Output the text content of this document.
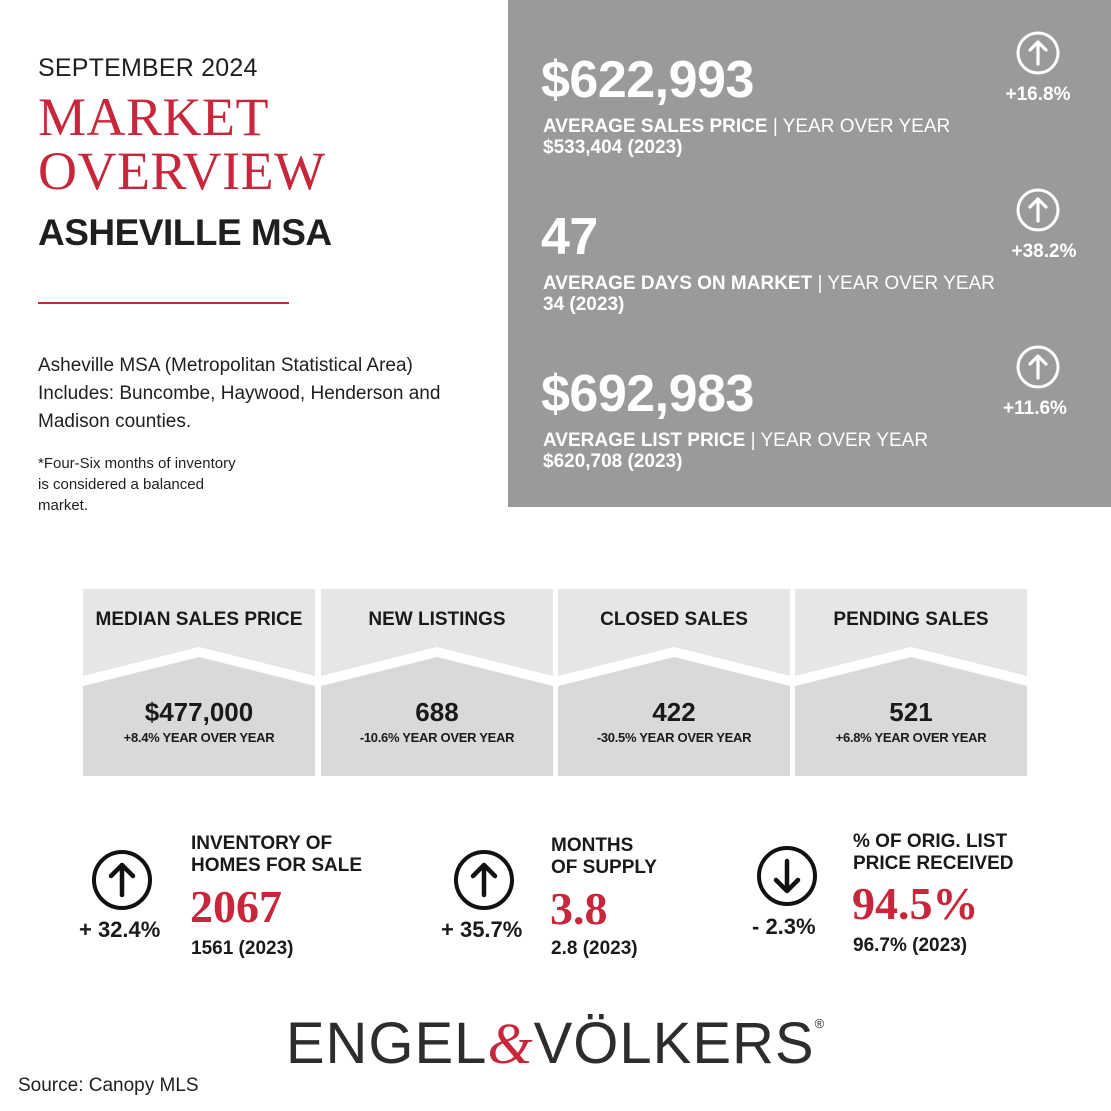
SEPTEMBER 2024
MARKET
OVERVIEW
ASHEVILLE MSA
Asheville MSA (Metropolitan Statistical Area) Includes: Buncombe, Haywood, Henderson and Madison counties.
*Four-Six months of inventory is considered a balanced market.
$622,993
AVERAGE SALES PRICE | YEAR OVER YEAR
$533,404 (2023)
+16.8%
47
AVERAGE DAYS ON MARKET | YEAR OVER YEAR
34 (2023)
+38.2%
$692,983
AVERAGE LIST PRICE | YEAR OVER YEAR
$620,708 (2023)
+11.6%
MEDIAN SALES PRICE
$477,000
+8.4% YEAR OVER YEAR
NEW LISTINGS
688
-10.6% YEAR OVER YEAR
CLOSED SALES
422
-30.5% YEAR OVER YEAR
PENDING SALES
521
+6.8% YEAR OVER YEAR
+ 32.4%
INVENTORY OF
HOMES FOR SALE
2067
1561 (2023)
+ 35.7%
MONTHS
OF SUPPLY
3.8
2.8 (2023)
- 2.3%
% OF ORIG. LIST
PRICE RECEIVED
94.5%
96.7% (2023)
ENGEL&VÖLKERS®
Source: Canopy MLS
